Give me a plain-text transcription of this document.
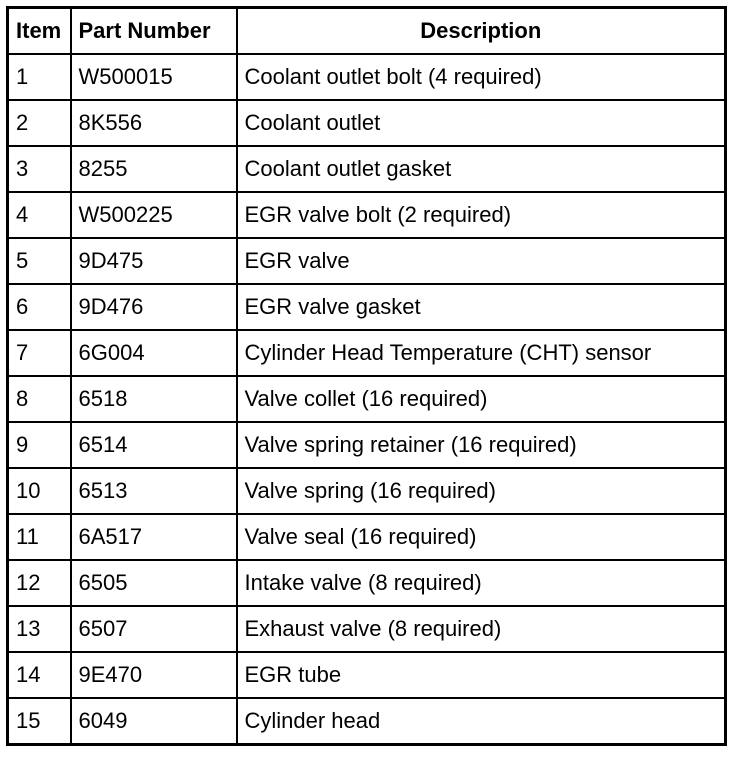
Item	Part Number	Description
1	W500015	Coolant outlet bolt (4 required)
2	8K556	Coolant outlet
3	8255	Coolant outlet gasket
4	W500225	EGR valve bolt (2 required)
5	9D475	EGR valve
6	9D476	EGR valve gasket
7	6G004	Cylinder Head Temperature (CHT) sensor
8	6518	Valve collet (16 required)
9	6514	Valve spring retainer (16 required)
10	6513	Valve spring (16 required)
11	6A517	Valve seal (16 required)
12	6505	Intake valve (8 required)
13	6507	Exhaust valve (8 required)
14	9E470	EGR tube
15	6049	Cylinder head
